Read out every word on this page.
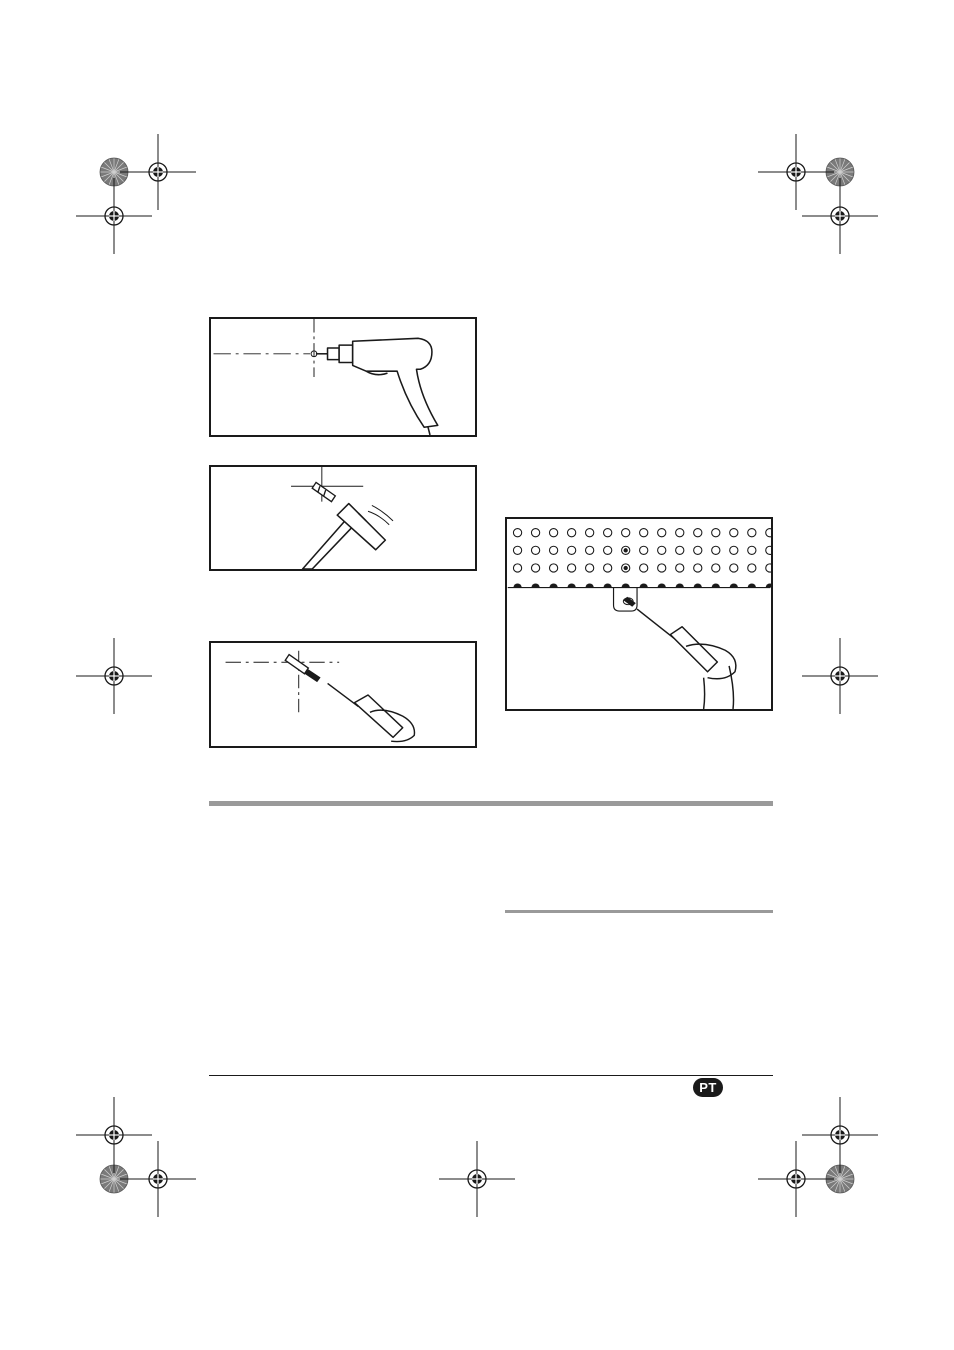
PT
